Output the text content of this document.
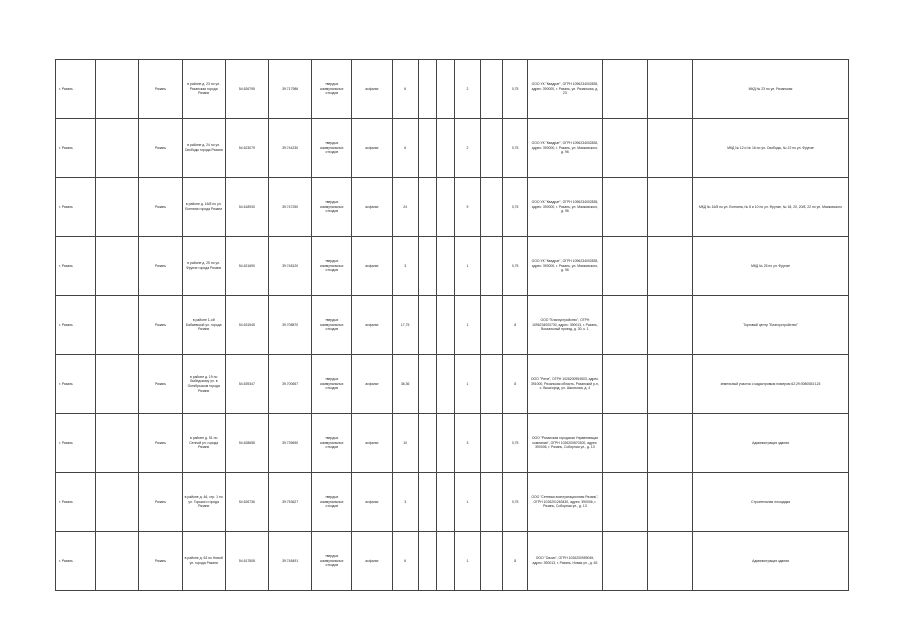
г. Рязань		Рязань	в районе д. 23 по ул. Рязанская города Рязани	54.626795	39.717986	твердых коммунальных отходов	асфальт	6			2		0,75	ООО УК "Квадрат", ОГРН 1096234002835, адрес: 390000, г. Рязань, ул. Рязанская, д. 23			МКД № 23 по ул. Рязанская
г. Рязань		Рязань	в районе д. 24 по ул. Свободы города Рязани	54.623079	39.744230	твердых коммунальных отходов	асфальт	6			2		0,75	ООО УК "Квадрат", ОГРН 1096234002835, адрес: 390000, г. Рязань, ул. Маяковского, д. 96			МКД № 12 и № 16 по ул. Свободы, № 22 по ул. Фрунзе
г. Рязань		Рязань	в районе д. 16/8 по ул. Есенина города Рязани	54.618930	39.747250	твердых коммунальных отходов	асфальт	24			9		0,75	ООО УК "Квадрат", ОГРН 1096234002835, адрес: 390000, г. Рязань, ул. Маяковского, д. 96			МКД № 16/8 по ул. Есенина, № 8 и 10 по ул. Фрунзе, № 18, 20, 20/8, 22 по ул. Маяковского
г. Рязань		Рязань	в районе д. 25 по ул. Фрунзе города Рязани	54.621690	39.748120	твердых коммунальных отходов	асфальт	3			1		0,75	ООО УК "Квадрат", ОГРН 1096234002835, адрес: 390000, г. Рязань, ул. Маяковского, д. 96			МКД № 25 по ул. Фрунзе
г. Рязань		Рязань	в районе 1-ой Бабаевской ул. города Рязани	54.631545	39.708870	твердых коммунальных отходов	асфальт	17,75			1		8	ООО "Благоустройство", ОГРН 1096234000730, адрес: 390013, г. Рязань, Вокзальный проезд, д. 30, к. 1			Торговый центр "Благоустройство"
г. Рязань		Рязань	в районе д. 19 по Лыбедскому ул. в Октябрьском города Рязани	54.639347	39.700657	твердых коммунальных отходов	асфальт	36,36			1		8	ООО "Ритм", ОГРН 1026200954503, адрес: 391000, Рязанская область, Рязанский р-н, с. Вышгород, ул. Школьная, д. 4			земельный участок с кадастровым номером 62:29:0080083:124
г. Рязань		Рязань	в районе д. 51 по Сенной ул. города Рязани	54.628658	39.739690	твердых коммунальных отходов	асфальт	10			3		0,75	ООО "Рязанская городская Управляющая компания", ОГРН 1026200870300, адрес: 390006, г. Рязань, Соборная ул., д. 13			Администрация здания
г. Рязань		Рязань	в районе д. 46, стр. 1 по ул. Горького города Рязани	54.626736	39.753627	твердых коммунальных отходов	асфальт	3			1		0,75	ООО "Сетевая эксплуатационная Рязань", ОГРН 1026201263430, адрес: 390006, г. Рязань, Соборная ул., д. 13			Строительная площадка
г. Рязань		Рязань	в районе д. 63 по Новой ул. города Рязани	54.617808	39.748491	твердых коммунальных отходов	асфальт	6			1		8	ООО "Оазис", ОГРН 1026200959045, адрес: 390013, г. Рязань, Новая ул., д. 63			Администрация здания
